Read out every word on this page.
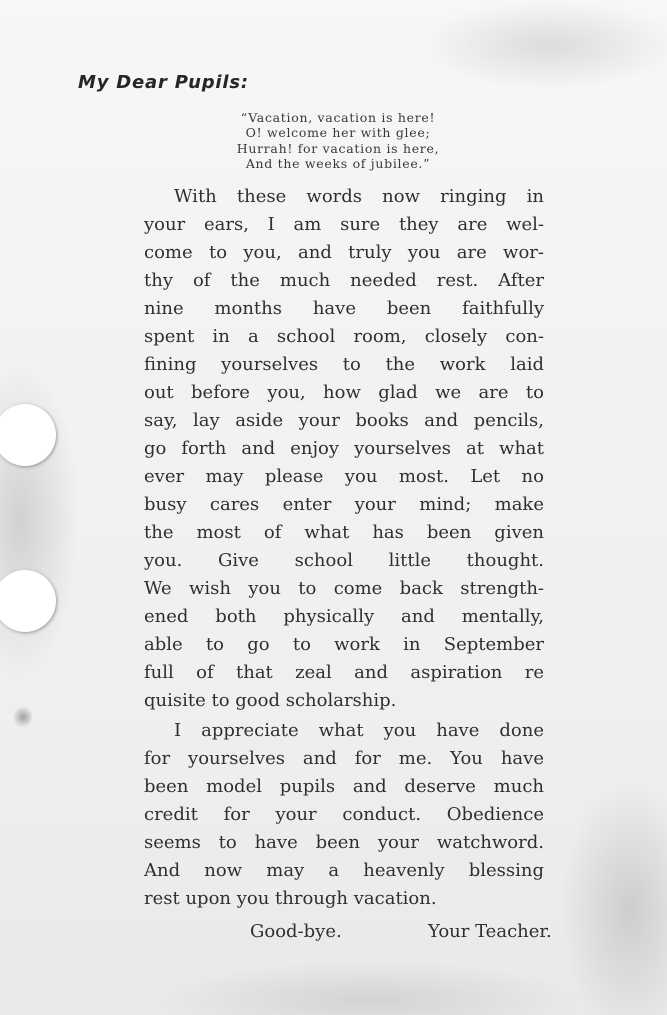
My Dear Pupils:
“Vacation, vacation is here!
O! welcome her with glee;
Hurrah! for vacation is here,
And the weeks of jubilee.”
With these words now ringing in
your ears, I am sure they are wel-
come to you, and truly you are wor-
thy of the much needed rest. After
nine months have been faithfully
spent in a school room, closely con-
fining yourselves to the work laid
out before you, how glad we are to
say, lay aside your books and pencils,
go forth and enjoy yourselves at what
ever may please you most. Let no
busy cares enter your mind; make
the most of what has been given
you. Give school little thought.
We wish you to come back strength-
ened both physically and mentally,
able to go to work in September
full of that zeal and aspiration re
quisite to good scholarship.
I appreciate what you have done
for yourselves and for me. You have
been model pupils and deserve much
credit for your conduct. Obedience
seems to have been your watchword.
And now may a heavenly blessing
rest upon you through vacation.
Good-bye.	Your Teacher.
